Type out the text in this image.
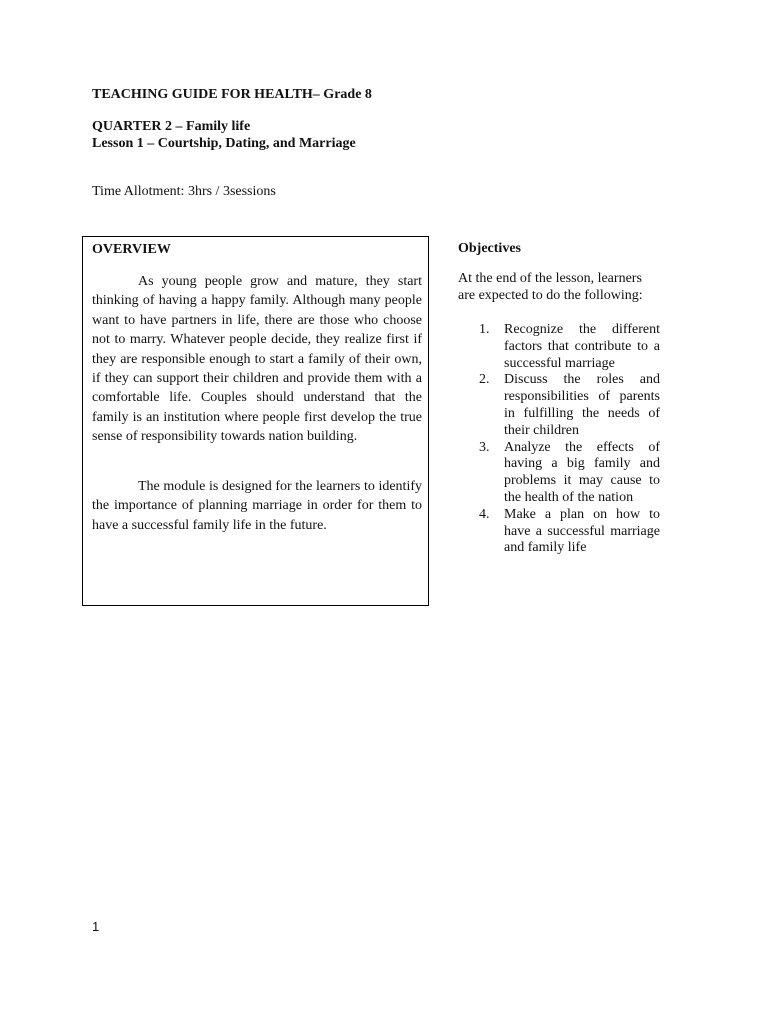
TEACHING GUIDE FOR HEALTH– Grade 8
QUARTER 2 – Family life
Lesson 1 – Courtship, Dating, and Marriage
Time Allotment: 3hrs / 3sessions
OVERVIEW

As young people grow and mature, they start thinking of having a happy family. Although many people want to have partners in life, there are those who choose not to marry. Whatever people decide, they realize first if they are responsible enough to start a family of their own, if they can support their children and provide them with a comfortable life. Couples should understand that the family is an institution where people first develop the true sense of responsibility towards nation building.

The module is designed for the learners to identify the importance of planning marriage in order for them to have a successful family life in the future.

Objectives

At the end of the lesson, learners are expected to do the following:

1. Recognize the different factors that contribute to a successful marriage
2. Discuss the roles and responsibilities of parents in fulfilling the needs of their children
3. Analyze the effects of having a big family and problems it may cause to the health of the nation
4. Make a plan on how to have a successful marriage and family life
1
